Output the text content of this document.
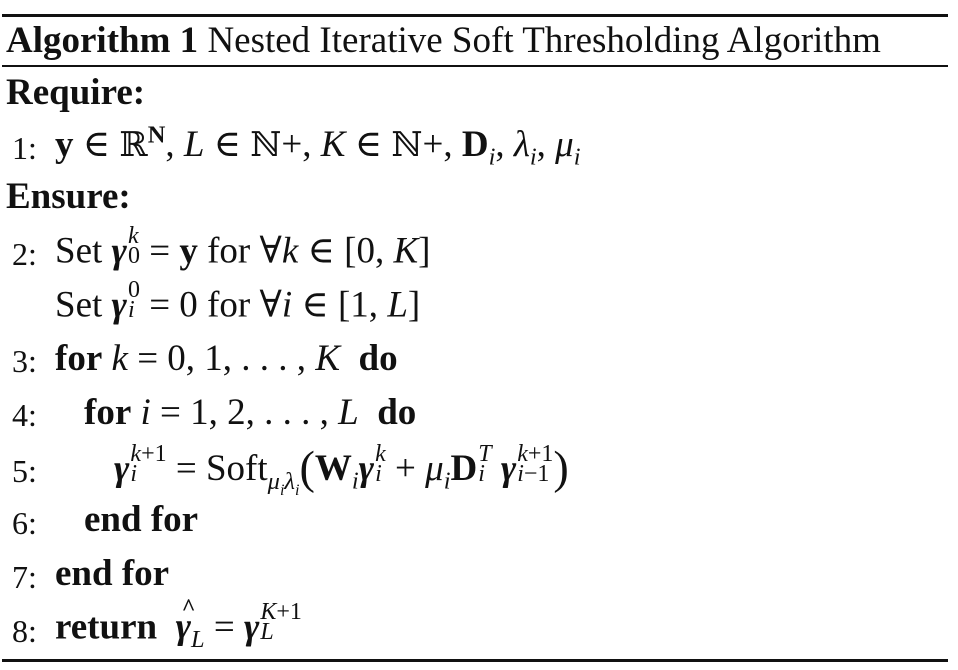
Algorithm 1 Nested Iterative Soft Thresholding Algorithm
Require:
1: y ∈ ℝ$^N$, L ∈ ℕ+, K ∈ ℕ+, $D_i$, $\lambda_i$, $\mu_i$
Ensure:
2: Set γ k
0 = y for ∀k ∈ [0, K]
Set γ 0
i = 0 for ∀i ∈ [1, L]
3: for k = 0, 1, . . . , K do
4:	for i = 1, 2, . . . , L do
5:	γ k+1
$i = Soft_{\mu_i\lambda_i}(W_i\gamma$ k
$i + \mu_iD$ T
i γ k+1
i−1 )
6:	end for
7: end for
8: return  ^ $\gamma_L = \gamma$ K+1
L
